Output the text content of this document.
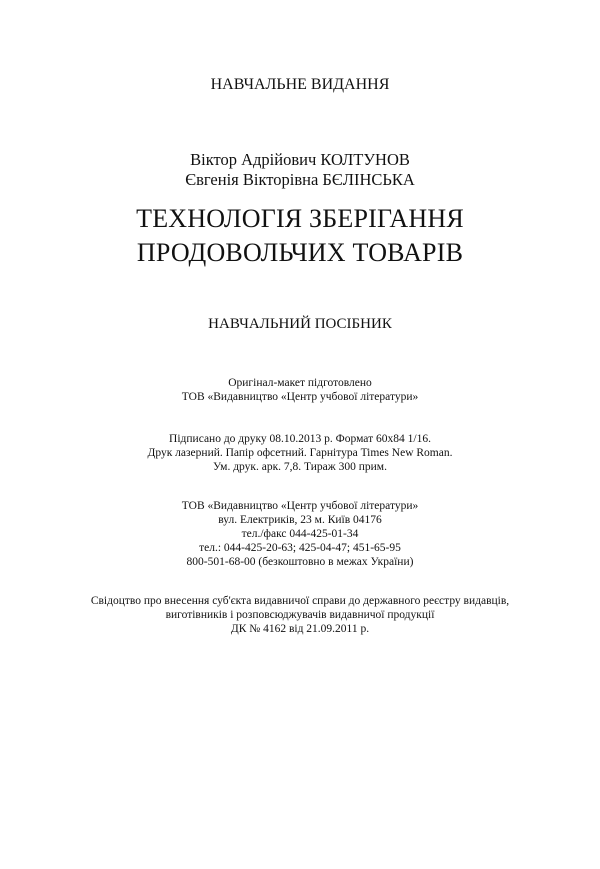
НАВЧАЛЬНЕ ВИДАННЯ
Віктор Адрійович КОЛТУНОВ
Євгенія Вікторівна БЄЛІНСЬКА
ТЕХНОЛОГІЯ ЗБЕРІГАННЯ
ПРОДОВОЛЬЧИХ ТОВАРІВ
НАВЧАЛЬНИЙ ПОСІБНИК
Оригінал-макет підготовлено
ТОВ «Видавництво «Центр учбової літератури»
Підписано до друку 08.10.2013 р. Формат 60x84 1/16.
Друк лазерний. Папір офсетний. Гарнітура Times New Roman.
Ум. друк. арк. 7,8. Тираж 300 прим.
ТОВ «Видавництво «Центр учбової літератури»
вул. Електриків, 23 м. Київ 04176
тел./факс 044-425-01-34
тел.: 044-425-20-63; 425-04-47; 451-65-95
800-501-68-00 (безкоштовно в межах України)
Свідоцтво про внесення суб'єкта видавничої справи до державного реєстру видавців,
виготівників і розповсюджувачів видавничої продукції
ДК № 4162 від 21.09.2011 р.
